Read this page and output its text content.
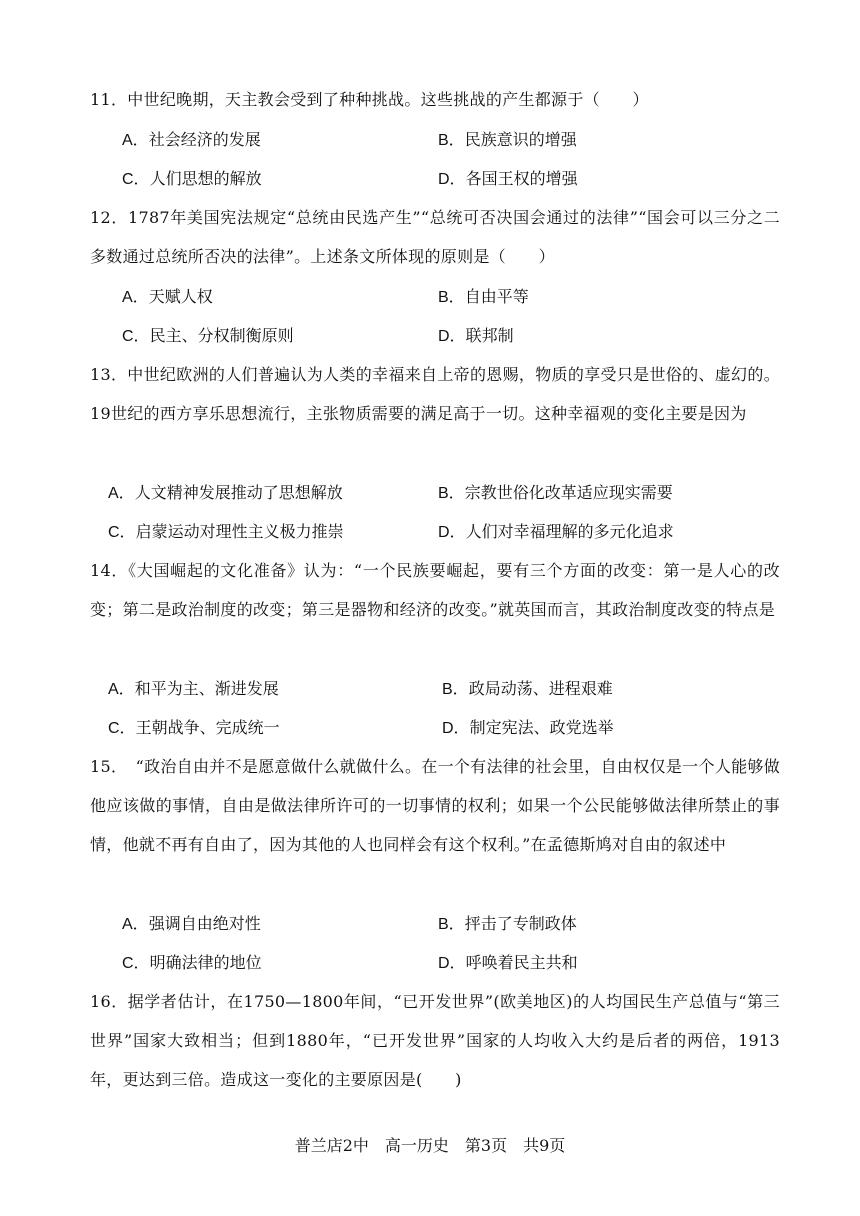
11．中世纪晚期，天主教会受到了种种挑战。这些挑战的产生都源于（　　）
A．社会经济的发展	B．民族意识的增强
C．人们思想的解放	D．各国王权的增强
12．1787年美国宪法规定“总统由民选产生”“总统可否决国会通过的法律”“国会可以三分之二多数通过总统所否决的法律”。上述条文所体现的原则是（　　）
A．天赋人权	B．自由平等
C．民主、分权制衡原则	D．联邦制
13．中世纪欧洲的人们普遍认为人类的幸福来自上帝的恩赐，物质的享受只是世俗的、虚幻的。19世纪的西方享乐思想流行，主张物质需要的满足高于一切。这种幸福观的变化主要是因为
A．人文精神发展推动了思想解放	B．宗教世俗化改革适应现实需要
C．启蒙运动对理性主义极力推崇	D．人们对幸福理解的多元化追求
14．《大国崛起的文化准备》认为：“一个民族要崛起，要有三个方面的改变：第一是人心的改变；第二是政治制度的改变；第三是器物和经济的改变。”就英国而言，其政治制度改变的特点是
A．和平为主、渐进发展	B．政局动荡、进程艰难
C．王朝战争、完成统一	D．制定宪法、政党选举
15．　“政治自由并不是愿意做什么就做什么。在一个有法律的社会里，自由权仅是一个人能够做他应该做的事情，自由是做法律所许可的一切事情的权利；如果一个公民能够做法律所禁止的事情，他就不再有自由了，因为其他的人也同样会有这个权利。”在孟德斯鸠对自由的叙述中
A．强调自由绝对性	B．抨击了专制政体
C．明确法律的地位	D．呼唤着民主共和
16．据学者估计，在1750—1800年间，“已开发世界”(欧美地区)的人均国民生产总值与“第三世界”国家大致相当；但到1880年，“已开发世界”国家的人均收入大约是后者的两倍，1913年，更达到三倍。造成这一变化的主要原因是(　　)
普兰店2中　高一历史　第3页　共9页
